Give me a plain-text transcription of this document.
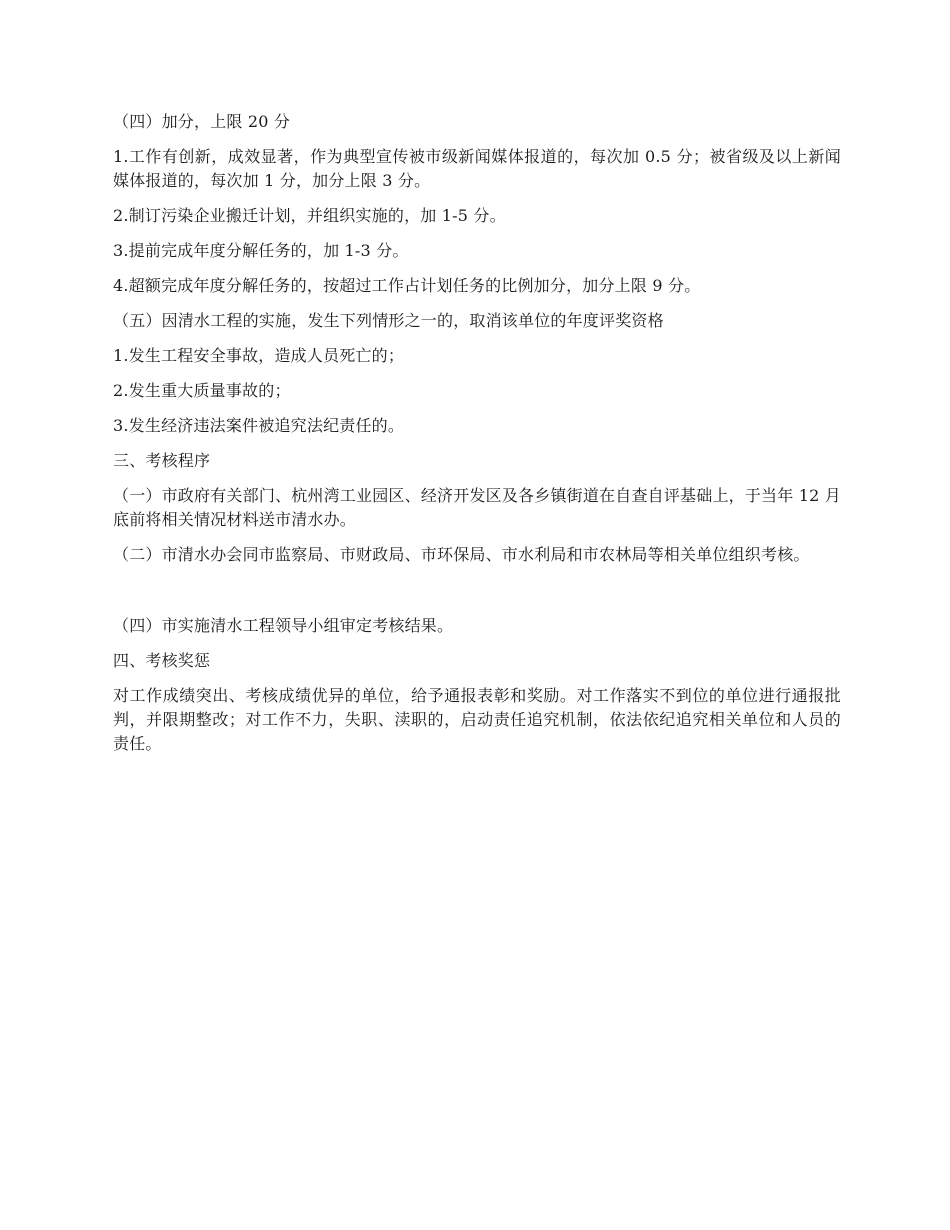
（四）加分，上限 20 分

1.工作有创新，成效显著，作为典型宣传被市级新闻媒体报道的，每次加 0.5 分；被省级及以上新闻媒体报道的，每次加 1 分，加分上限 3 分。

2.制订污染企业搬迁计划，并组织实施的，加 1-5 分。

3.提前完成年度分解任务的，加 1-3 分。

4.超额完成年度分解任务的，按超过工作占计划任务的比例加分，加分上限 9 分。

（五）因清水工程的实施，发生下列情形之一的，取消该单位的年度评奖资格

1.发生工程安全事故，造成人员死亡的；

2.发生重大质量事故的；

3.发生经济违法案件被追究法纪责任的。

三、考核程序

（一）市政府有关部门、杭州湾工业园区、经济开发区及各乡镇街道在自查自评基础上，于当年 12 月底前将相关情况材料送市清水办。

（二）市清水办会同市监察局、市财政局、市环保局、市水利局和市农林局等相关单位组织考核。

（四）市实施清水工程领导小组审定考核结果。

四、考核奖惩

对工作成绩突出、考核成绩优异的单位，给予通报表彰和奖励。对工作落实不到位的单位进行通报批判，并限期整改；对工作不力，失职、渎职的，启动责任追究机制，依法依纪追究相关单位和人员的责任。
